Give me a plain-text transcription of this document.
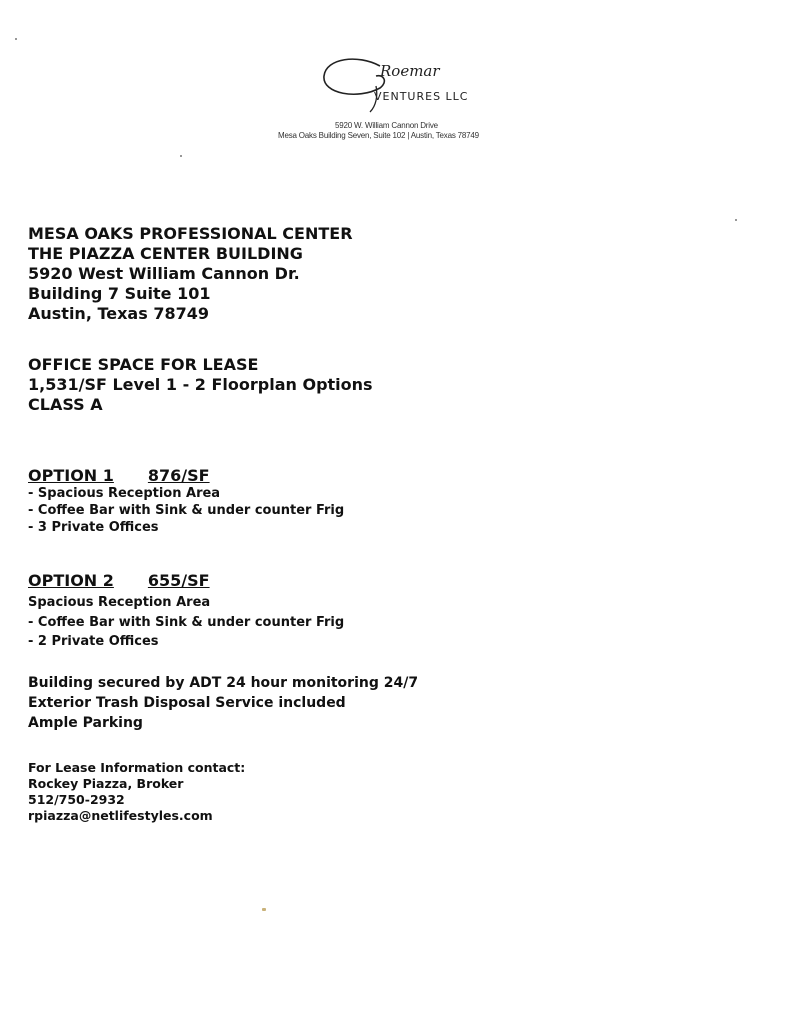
Roemar
VENTURES LLC

5920 W. William Cannon Drive

Mesa Oaks Building Seven, Suite 102 | Austin, Texas 78749

MESA OAKS PROFESSIONAL CENTER
THE PIAZZA CENTER BUILDING
5920 West William Cannon Dr.
Building 7 Suite 101
Austin, Texas 78749
OFFICE SPACE FOR LEASE
1,531/SF Level 1 - 2 Floorplan Options
CLASS A
OPTION 1 876/SF
- Spacious Reception Area
- Coffee Bar with Sink & under counter Frig
- 3 Private Offices
OPTION 2 655/SF
Spacious Reception Area
- Coffee Bar with Sink & under counter Frig
- 2 Private Offices
Building secured by ADT 24 hour monitoring 24/7
Exterior Trash Disposal Service included
Ample Parking
For Lease Information contact:
Rockey Piazza, Broker
512/750-2932
rpiazza@netlifestyles.com
